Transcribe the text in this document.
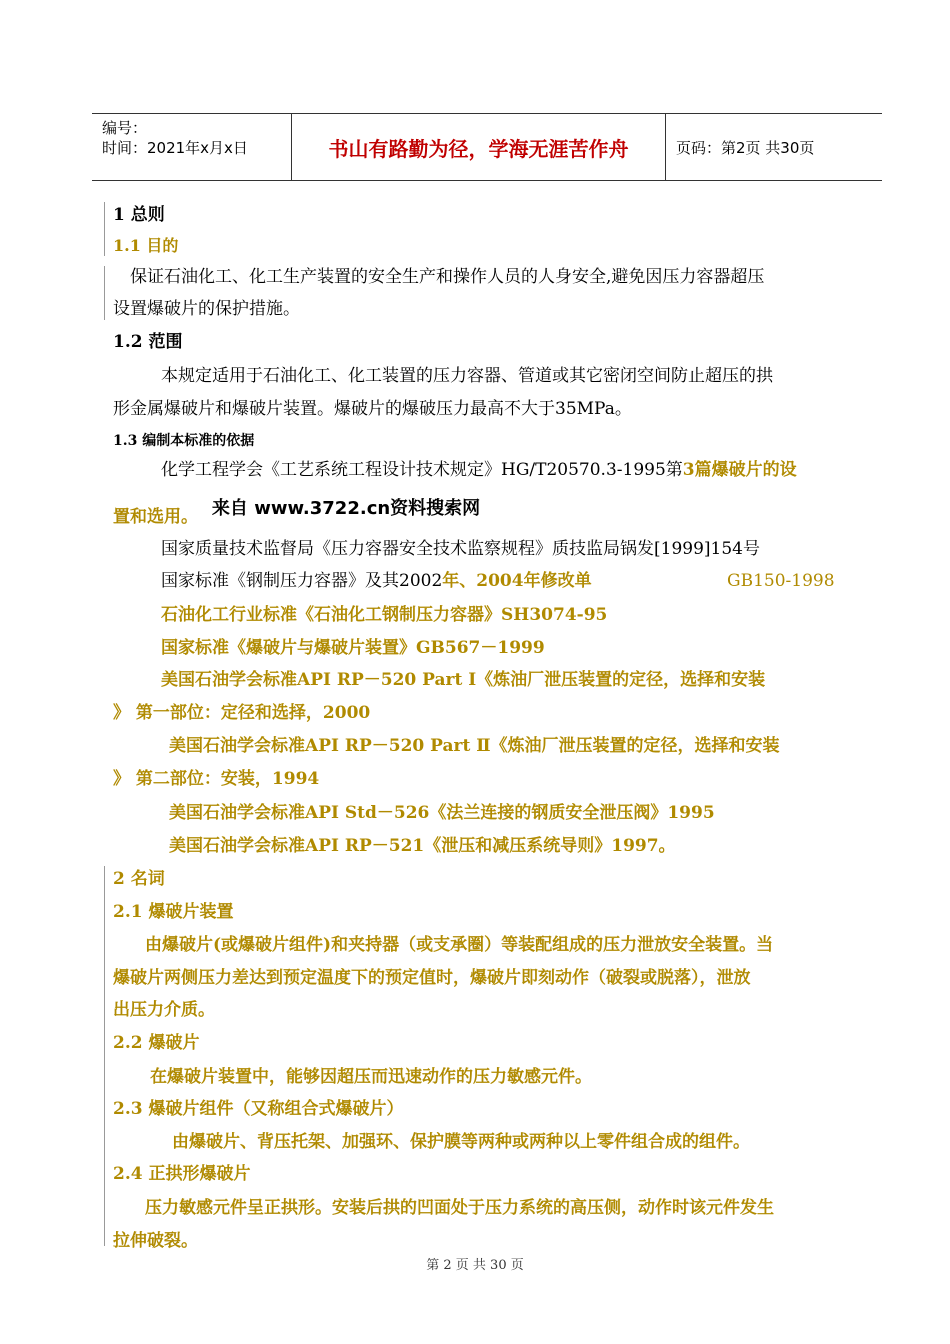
编号：
时间：2021年x月x日	书山有路勤为径，学海无涯苦作舟	页码：第2页 共30页
1 总则
1.1 目的
保证石油化工、化工生产装置的安全生产和操作人员的人身安全,避免因压力容器超压
设置爆破片的保护措施。
1.2 范围
本规定适用于石油化工、化工装置的压力容器、管道或其它密闭空间防止超压的拱
形金属爆破片和爆破片装置。爆破片的爆破压力最高不大于35MPa。
1.3 编制本标准的依据
化学工程学会《工艺系统工程设计技术规定》HG/T20570.3-1995第3篇爆破片的设
置和选用。 来自 www.3722.cn资料搜索网
国家质量技术监督局《压力容器安全技术监察规程》质技监局锅发[1999]154号
国家标准《钢制压力容器》及其2002年、2004年修改单	GB150-1998
石油化工行业标准《石油化工钢制压力容器》SH3074-95
国家标准《爆破片与爆破片装置》GB567－1999
美国石油学会标准API RP－520 Part Ⅰ《炼油厂泄压装置的定径，选择和安装
》 第一部位：定径和选择，2000
美国石油学会标准API RP－520 Part Ⅱ《炼油厂泄压装置的定径，选择和安装
》 第二部位：安装，1994
美国石油学会标准API Std－526《法兰连接的钢质安全泄压阀》1995
美国石油学会标准API RP－521《泄压和减压系统导则》1997。
2 名词
2.1 爆破片装置
由爆破片(或爆破片组件)和夹持器（或支承圈）等装配组成的压力泄放安全装置。当
爆破片两侧压力差达到预定温度下的预定值时，爆破片即刻动作（破裂或脱落），泄放
出压力介质。
2.2 爆破片
在爆破片装置中，能够因超压而迅速动作的压力敏感元件。
2.3 爆破片组件（又称组合式爆破片）
由爆破片、背压托架、加强环、保护膜等两种或两种以上零件组合成的组件。
2.4 正拱形爆破片
压力敏感元件呈正拱形。安装后拱的凹面处于压力系统的高压侧，动作时该元件发生
拉伸破裂。
第 2 页 共 30 页
